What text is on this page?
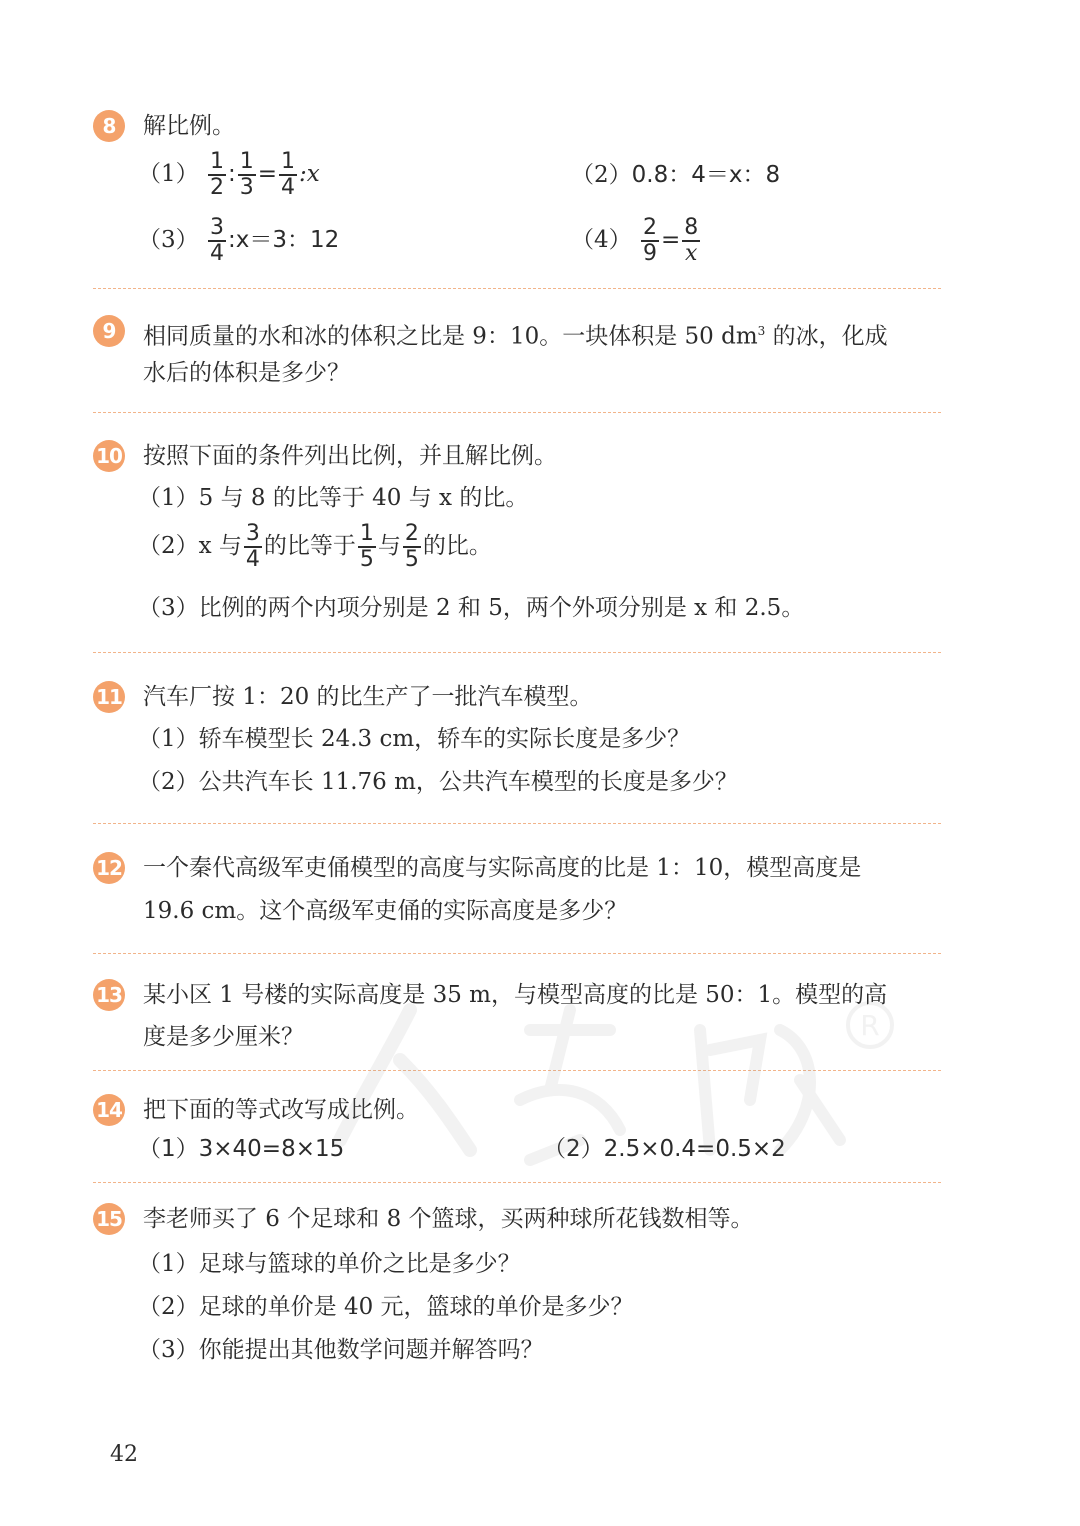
8	解比例。
$(1) \frac{1}{2}$ : $\frac{1}{3} = \frac{1}{4}$ :x	（2）0.8：4＝x：8
$(3) \frac{3}{4}$ :x＝3：12	$(4) \frac{2}{9} = \frac{8}{x}$
9	相同质量的水和冰的体积之比是 9：10。一块体积是 50 $dm^3$ 的冰，化成
水后的体积是多少？
10 按照下面的条件列出比例，并且解比例。
（1）5 与 8 的比等于 40 与 x 的比。
（2）x 与 $\frac{3}{4}$ 的比等于 $\frac{1}{5}$ 与 $\frac{2}{5}$ 的比。
（3）比例的两个内项分别是 2 和 5，两个外项分别是 x 和 2.5。
11 汽车厂按 1：20 的比生产了一批汽车模型。
（1）轿车模型长 24.3 cm，轿车的实际长度是多少？
（2）公共汽车长 11.76 m，公共汽车模型的长度是多少？
12 一个秦代高级军吏俑模型的高度与实际高度的比是 1：10，模型高度是
19.6 cm。这个高级军吏俑的实际高度是多少？
13 某小区 1 号楼的实际高度是 35 m，与模型高度的比是 50：1。模型的高
度是多少厘米？
14 把下面的等式改写成比例。
（1）3×40=8×15	（2）2.5×0.4=0.5×2
15 李老师买了 6 个足球和 8 个篮球，买两种球所花钱数相等。
（1）足球与篮球的单价之比是多少？
（2）足球的单价是 40 元，篮球的单价是多少？
（3）你能提出其他数学问题并解答吗？
R
42
